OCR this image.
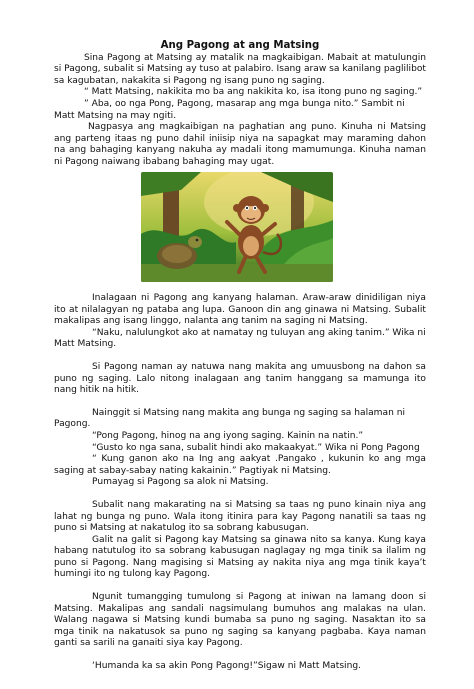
Ang Pagong at ang Matsing

Sina Pagong at Matsing ay matalik na magkaibigan. Mabait at matulungin si Pagong, subalit si Matsing ay tuso at palabiro. Isang araw sa kanilang paglilibot sa kagubatan, nakakita si Pagong ng isang puno ng saging.

“ Matt Matsing, nakikita mo ba ang nakikita ko, isa itong puno ng saging.”

” Aba, oo nga Pong, Pagong, masarap ang mga bunga nito.” Sambit ni Matt Matsing na may ngiti.

Nagpasya ang magkaibigan na paghatian ang puno. Kinuha ni Matsing ang parteng itaas ng puno dahil iniisip niya na sapagkat may maraming dahon na ang bahaging kanyang nakuha ay madali itong mamumunga. Kinuha naman ni Pagong naiwang ibabang bahaging may ugat.

Inalagaan ni Pagong ang kanyang halaman. Araw-araw dinidiligan niya ito at nilalagyan ng pataba ang lupa. Ganoon din ang ginawa ni Matsing. Subalit makalipas ang isang linggo, nalanta ang tanim na saging ni Matsing.

“Naku, nalulungkot ako at namatay ng tuluyan ang aking tanim.” Wika ni Matt Matsing.

Si Pagong naman ay natuwa nang makita ang umuusbong na dahon sa puno ng saging. Lalo nitong inalagaan ang tanim hanggang sa mamunga ito nang hitik na hitik.

Nainggit si Matsing nang makita ang bunga ng saging sa halaman ni Pagong.

“Pong Pagong, hinog na ang iyong saging. Kainin na natin.”

“Gusto ko nga sana, subalit hindi ako makaakyat.” Wika ni Pong Pagong

“ Kung ganon ako na Ing ang aakyat .Pangako , kukunin ko ang mga saging at sabay-sabay nating kakainin.” Pagtiyak ni Matsing.

Pumayag si Pagong sa alok ni Matsing.

Subalit nang makarating na si Matsing sa taas ng puno kinain niya ang lahat ng bunga ng puno. Wala itong itinira para kay Pagong nanatili sa taas ng puno si Matsing at nakatulog ito sa sobrang kabusugan.

Galit na galit si Pagong kay Matsing sa ginawa nito sa kanya. Kung kaya habang natutulog ito sa sobrang kabusugan naglagay ng mga tinik sa ilalim ng puno si Pagong. Nang magising si Matsing ay nakita niya ang mga tinik kaya’t humingi ito ng tulong kay Pagong.

Ngunit tumangging tumulong si Pagong at iniwan na lamang doon si Matsing. Makalipas ang sandali nagsimulang bumuhos ang malakas na ulan. Walang nagawa si Matsing kundi bumaba sa puno ng saging. Nasaktan ito sa mga tinik na nakatusok sa puno ng saging sa kanyang pagbaba. Kaya naman ganti sa sarili na ganaiti siya kay Pagong.

‘Humanda ka sa akin Pong Pagong!”Sigaw ni Matt Matsing.
